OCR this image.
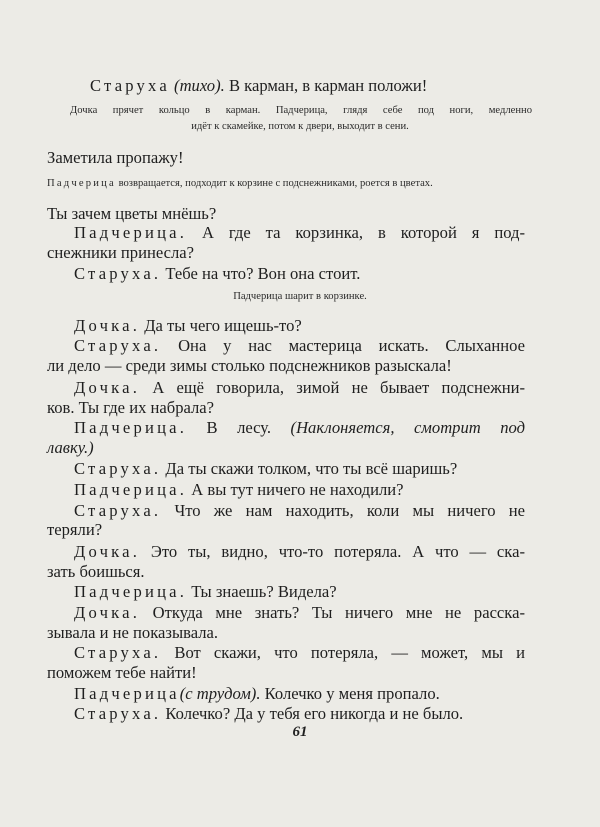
Старуха (тихо). В карман, в карман положи!
Дочка прячет кольцо в карман. Падчерица, глядя себе под ноги, медленно
идёт к скамейке, потом к двери, выходит в сени.
Заметила пропажу!
Падчерица возвращается, подходит к корзине с подснежниками, роется в цветах.
Ты зачем цветы мнёшь?
Падчерица. А где та корзинка, в которой я под-
снежники принесла?
Старуха. Тебе на что? Вон она стоит.
Падчерица шарит в корзинке.
Дочка. Да ты чего ищешь-то?
Старуха. Она у нас мастерица искать. Слыханное
ли дело — среди зимы столько подснежников разыскала!
Дочка. А ещё говорила, зимой не бывает подснежни-
ков. Ты где их набрала?
Падчерица. В лесу. (Наклоняется, смотрит под
лавку.)
Старуха. Да ты скажи толком, что ты всё шаришь?
Падчерица. А вы тут ничего не находили?
Старуха. Что же нам находить, коли мы ничего не
теряли?
Дочка. Это ты, видно, что-то потеряла. А что — ска-
зать боишься.
Падчерица. Ты знаешь? Видела?
Дочка. Откуда мне знать? Ты ничего мне не расска-
зывала и не показывала.
Старуха. Вот скажи, что потеряла, — может, мы и
поможем тебе найти!
Падчерица(с трудом). Колечко у меня пропало.
Старуха. Колечко? Да у тебя его никогда и не было.
61
